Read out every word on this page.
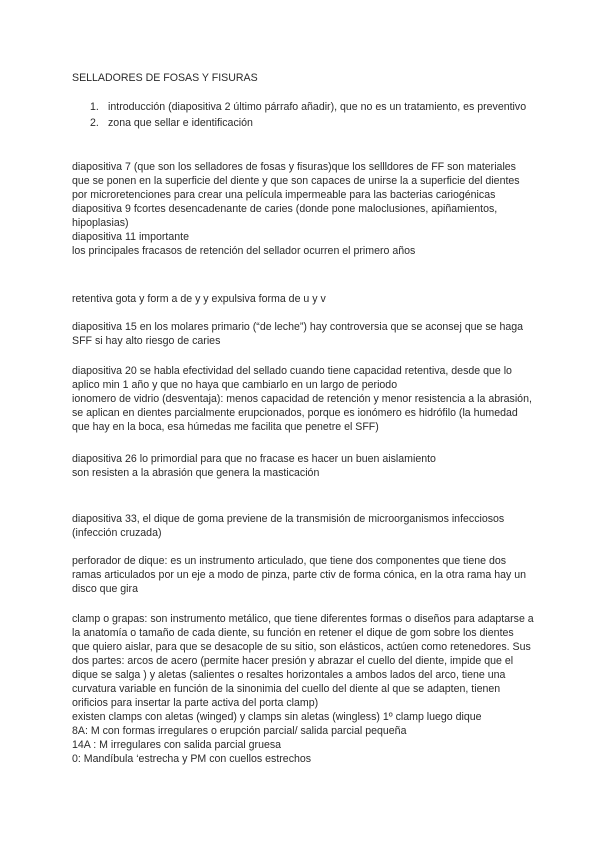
SELLADORES DE FOSAS Y FISURAS
1. introducción (diapositiva 2 último párrafo añadir), que no es un tratamiento, es preventivo
2. zona que sellar e identificación

diapositiva 7 (que son los selladores de fosas y fisuras)que los sellldores de FF son materiales que se ponen en la superficie del diente y que son capaces de unirse la a superficie del dientes por microretenciones para crear una película impermeable para las bacterias cariogénicas

diapositiva 9 fcortes desencadenante de caries (donde pone maloclusiones, apiñamientos, hipoplasias)

diapositiva 11 importante

los principales fracasos de retención del sellador ocurren el primero años

retentiva gota y form a de y y expulsiva forma de u y v

diapositiva 15 en los molares primario (“de leche”) hay controversia que se aconsej que se haga SFF si hay alto riesgo de caries

diapositiva 20 se habla efectividad del sellado cuando tiene capacidad retentiva, desde que lo aplico min 1 año y que no haya que cambiarlo en un largo de periodo

ionomero de vidrio (desventaja): menos capacidad de retención y menor resistencia a la abrasión, se aplican en dientes parcialmente erupcionados, porque es ionómero es hidrófilo (la humedad que hay en la boca, esa húmedas me facilita que penetre el SFF)

diapositiva 26 lo primordial para que no fracase es hacer un buen aislamiento

son resisten a la abrasión que genera la masticación

diapositiva 33, el dique de goma previene de la transmisión de microorganismos infecciosos (infección cruzada)

perforador de dique: es un instrumento articulado, que tiene dos componentes que tiene dos ramas articulados por un eje a modo de pinza, parte ctiv de forma cónica, en la otra rama hay un disco que gira

clamp o grapas: son instrumento metálico, que tiene diferentes formas o diseños para adaptarse a la anatomía o tamaño de cada diente, su función en retener el dique de gom sobre los dientes que quiero aislar, para que se desacople de su sitio, son elásticos, actúen como retenedores. Sus dos partes: arcos de acero (permite hacer presión y abrazar el cuello del diente, impide que el dique se salga ) y aletas (salientes o resaltes horizontales a ambos lados del arco, tiene una curvatura variable en función de la sinonimia del cuello del diente al que se adapten, tienen orificios para insertar la parte activa del porta clamp)

existen clamps con aletas (winged) y clamps sin aletas (wingless) 1º clamp luego dique

8A: M con formas irregulares o erupción parcial/ salida parcial pequeña

14A : M irregulares con salida parcial gruesa

0: Mandíbula ‘estrecha y PM con cuellos estrechos
